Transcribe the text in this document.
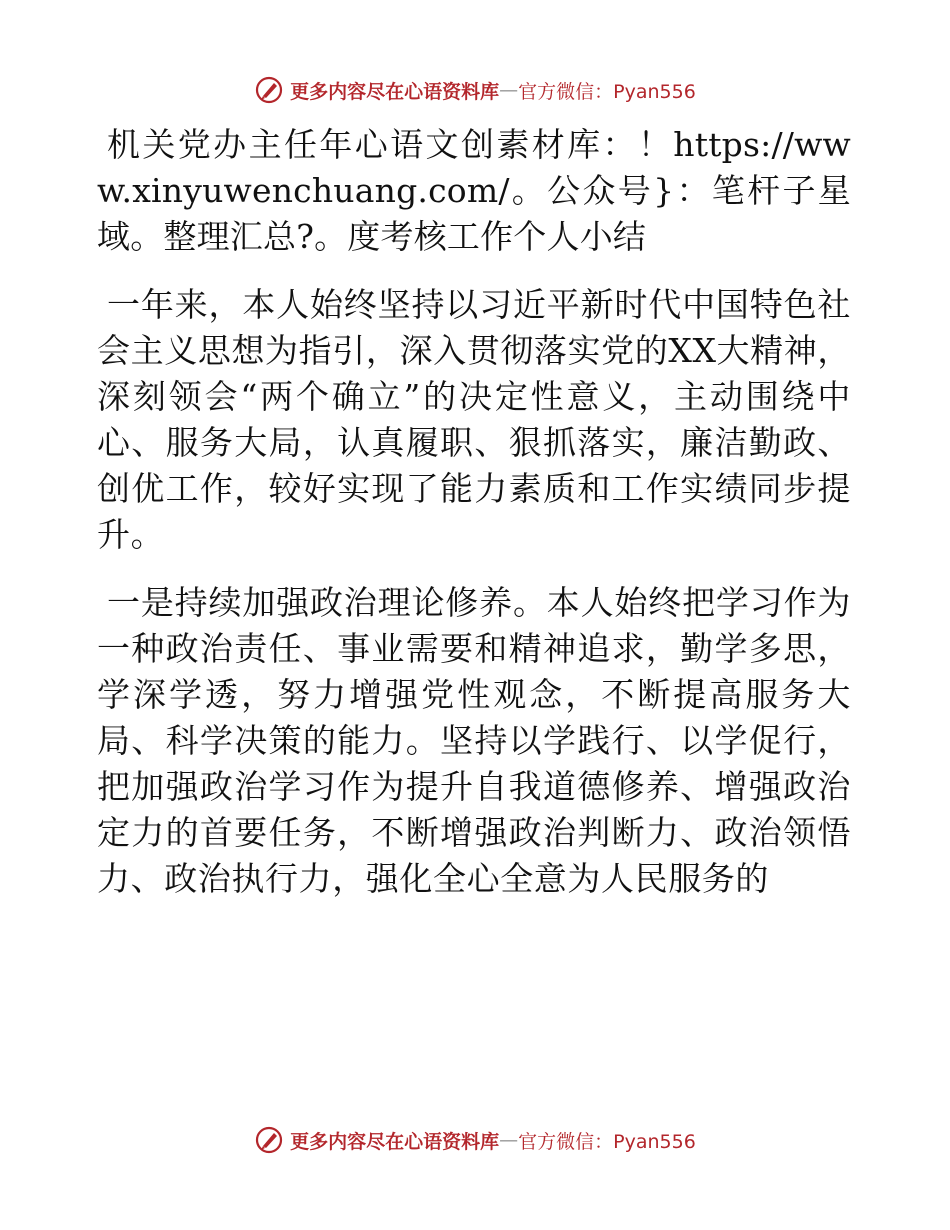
更多内容尽在心语资料库 — 官方微信：Pyan556

机关党办主任年心语文创素材库：！https://www.xinyuwenchuang.com/。公众号}：笔杆子星域。整理汇总?。度考核工作个人小结

一年来，本人始终坚持以习近平新时代中国特色社会主义思想为指引，深入贯彻落实党的XX大精神，深刻领会“两个确立”的决定性意义，主动围绕中心、服务大局，认真履职、狠抓落实，廉洁勤政、创优工作，较好实现了能力素质和工作实绩同步提升。

一是持续加强政治理论修养。本人始终把学习作为一种政治责任、事业需要和精神追求，勤学多思，学深学透，努力增强党性观念，不断提高服务大局、科学决策的能力。坚持以学践行、以学促行，把加强政治学习作为提升自我道德修养、增强政治定力的首要任务，不断增强政治判断力、政治领悟力、政治执行力，强化全心全意为人民服务的

更多内容尽在心语资料库 — 官方微信：Pyan556
